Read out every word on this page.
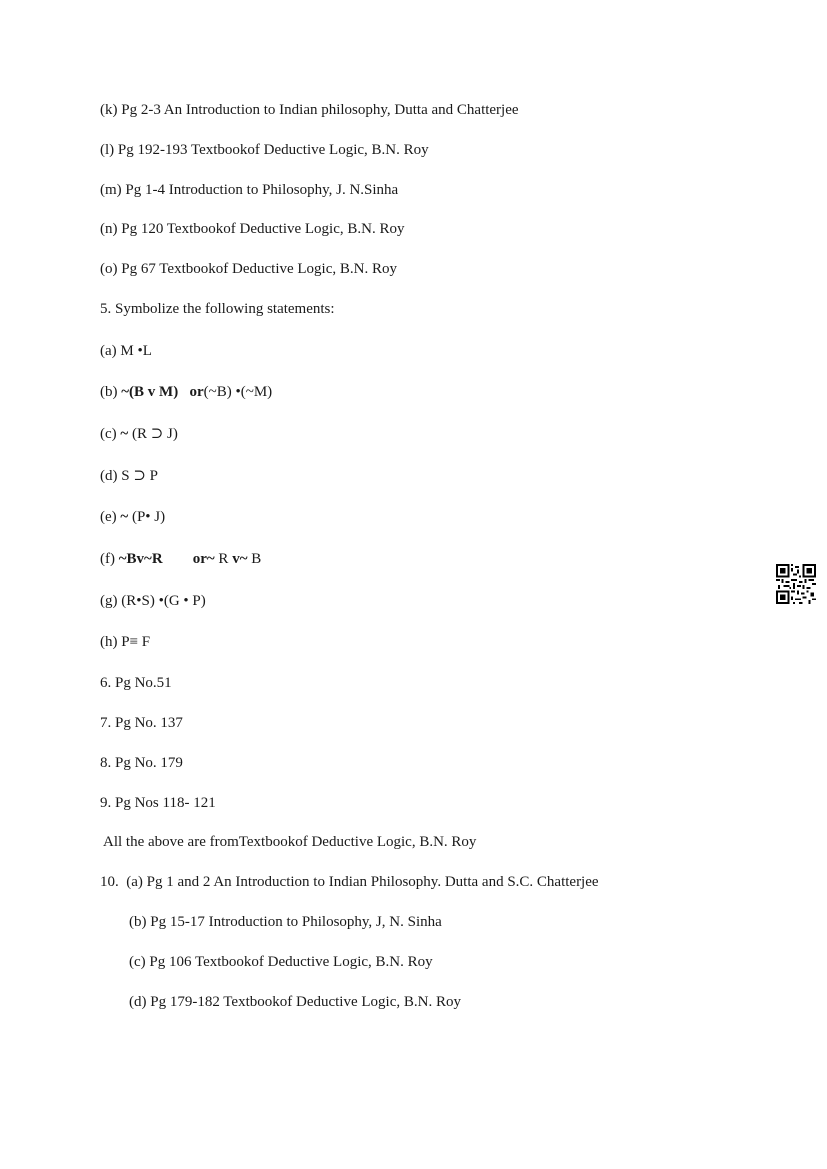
(k) Pg 2-3 An Introduction to Indian philosophy, Dutta and Chatterjee
(l) Pg 192-193 Textbookof Deductive Logic, B.N. Roy
(m) Pg 1-4 Introduction to Philosophy, J. N.Sinha
(n) Pg 120 Textbookof Deductive Logic, B.N. Roy
(o) Pg 67 Textbookof Deductive Logic, B.N. Roy
5. Symbolize the following statements:
(a) M •L
(b) ~(B v M) or(~B) •(~M)
(c) ~ (R ⊃ J)
(d) S ⊃ P
(e) ~ (P• J)
(f) ~Bv~R or~ R v~ B
(g) (R•S) •(G • P)
(h) P≡ F
6. Pg No.51
7. Pg No. 137
8. Pg No. 179
9. Pg Nos 118- 121
All the above are fromTextbookof Deductive Logic, B.N. Roy
10.  (a) Pg 1 and 2 An Introduction to Indian Philosophy. Dutta and S.C. Chatterjee
(b) Pg 15-17 Introduction to Philosophy, J, N. Sinha
(c) Pg 106 Textbookof Deductive Logic, B.N. Roy
(d) Pg 179-182 Textbookof Deductive Logic, B.N. Roy
